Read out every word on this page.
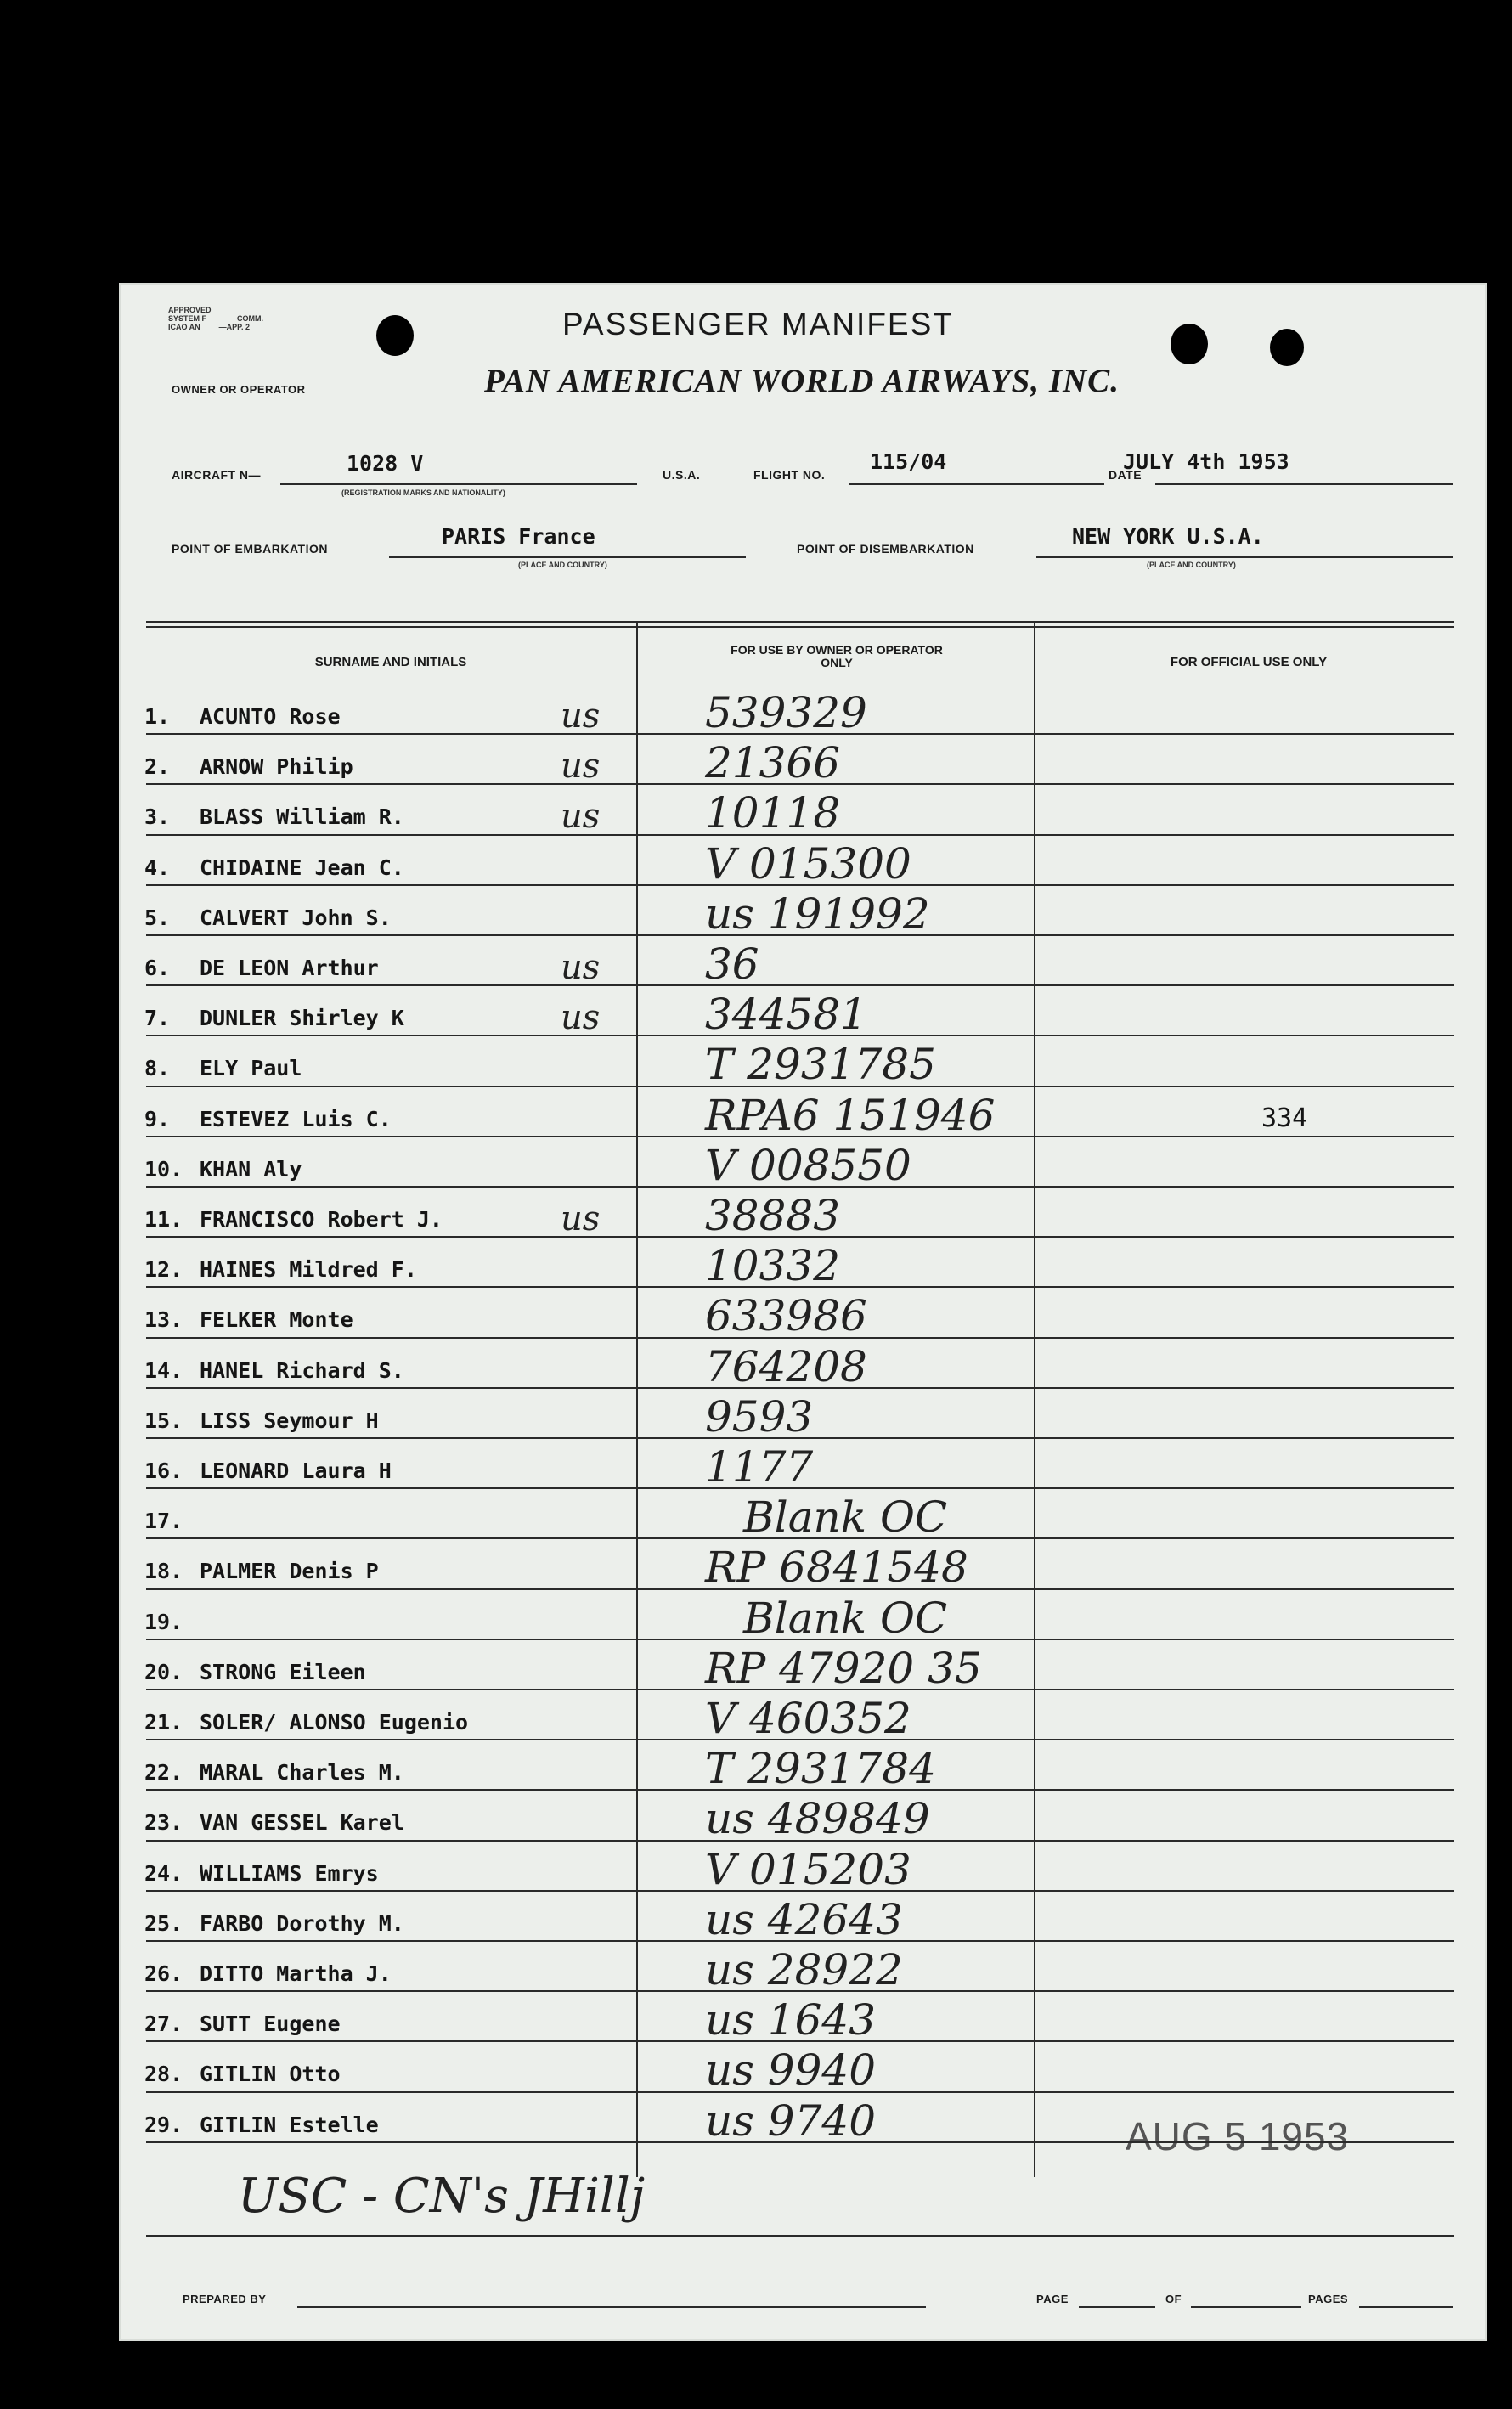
APPROVED
SYSTEM F	COMM.
ICAO AN —APP. 2	PASSENGER MANIFEST
OWNER OR OPERATOR	PAN AMERICAN WORLD AIRWAYS, INC.
AIRCRAFT N—	1028 V
(REGISTRATION MARKS AND NATIONALITY)
U.S.A.	FLIGHT NO.
115/04
DATE
JULY 4th 1953
POINT OF EMBARKATION	PARIS France
(PLACE AND COUNTRY)
POINT OF DISEMBARKATION	NEW YORK U.S.A.
(PLACE AND COUNTRY)
SURNAME AND INITIALS
FOR USE BY OWNER OR OPERATOR ONLY	FOR OFFICIAL USE ONLY
AUG 5 1953
USC - CN's JHillj
PREPARED BY	PAGE	OF	PAGES
1. ACUNTO Rose	us 539329
2. ARNOW Philip	us 21366
3. BLASS William R.	us 10118
4. CHIDAINE Jean C.	V 015300
5. CALVERT John S.	us 191992
6. DE LEON Arthur	us 36
7. DUNLER Shirley K	us 344581
8. ELY Paul	T 2931785
9. ESTEVEZ Luis C.	RPA6 151946	334
10. KHAN Aly	V 008550
11. FRANCISCO Robert J.	us 38883
12. HAINES Mildred F.	10332
13. FELKER Monte	633986
14. HANEL Richard S.	764208
15. LISS Seymour H	9593
16. LEONARD Laura H	1177
17.	Blank OC
18. PALMER Denis P	RP 6841548
19.	Blank OC
20. STRONG Eileen	RP 47920 35
21. SOLER/ ALONSO Eugenio	V 460352
22. MARAL Charles M.	T 2931784
23. VAN GESSEL Karel	us 489849
24. WILLIAMS Emrys	V 015203
25. FARBO Dorothy M.	us 42643
26. DITTO Martha J.	us 28922
27. SUTT Eugene	us 1643
28. GITLIN Otto	us 9940
29. GITLIN Estelle	us 9740
